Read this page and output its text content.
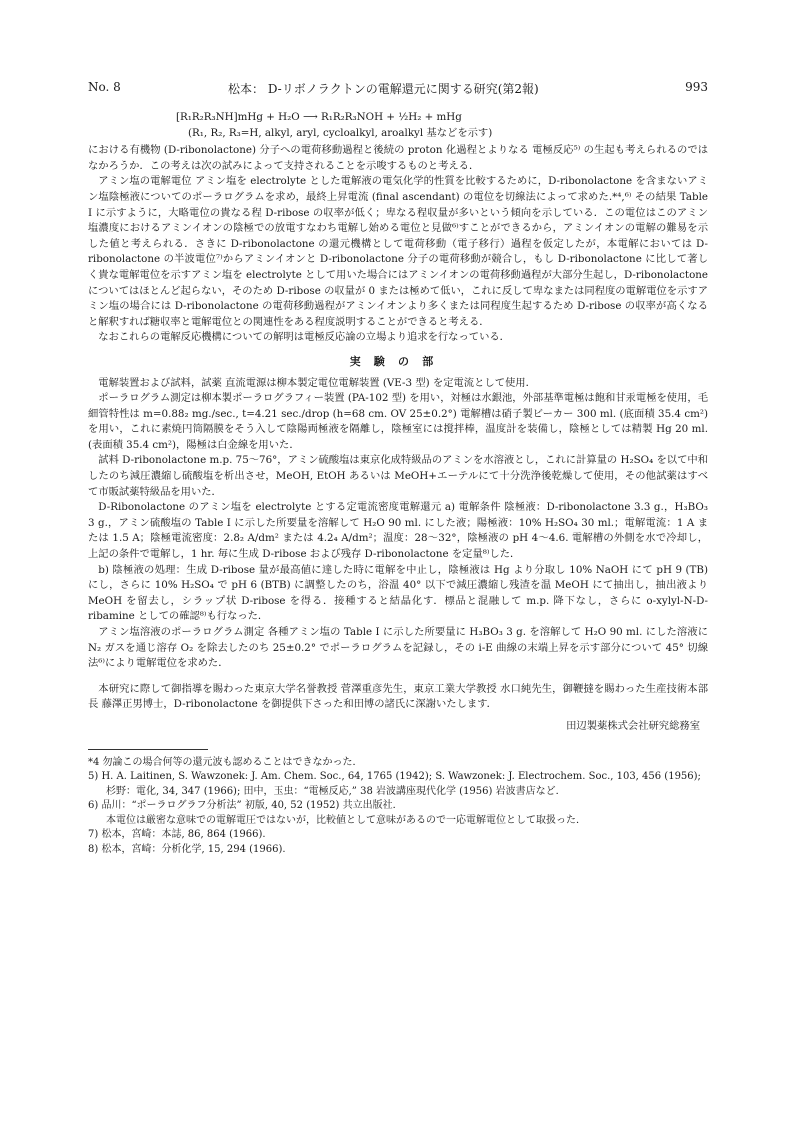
No. 8	松本： D-リボノラクトンの電解還元に関する研究(第2報)	993

[R₁R₂R₃NH]mHg + H₂O ⟶ R₁R₂R₃NOH + ½H₂ + mHg

(R₁, R₂, R₃=H, alkyl, aryl, cycloalkyl, aroalkyl 基などを示す)

における有機物 (D-ribonolactone) 分子への電荷移動過程と後続の proton 化過程とよりなる 電極反応⁵⁾ の生起も考えられるのではなかろうか．この考えは次の試みによって支持されることを示唆するものと考える．

アミン塩の電解電位 アミン塩を electrolyte とした電解液の電気化学的性質を比較するために，D-ribonolactone を含まないアミン塩陰極液についてのポーラログラムを求め，最終上昇電流 (final ascendant) の電位を切線法によって求めた.*⁴,⁶⁾ その結果 Table I に示すように，大略電位の貴なる程 D-ribose の収率が低く；卑なる程収量が多いという傾向を示している．この電位はこのアミン塩濃度におけるアミンイオンの陰極での放電すなわち電解し始める電位と見做⁶⁾すことができるから，アミンイオンの電解の難易を示した値と考えられる．さきに D-ribonolactone の還元機構として電荷移動（電子移行）過程を仮定したが，本電解においては D-ribonolactone の半波電位⁷⁾からアミンイオンと D-ribonolactone 分子の電荷移動が競合し，もし D-ribonolactone に比して著しく貴な電解電位を示すアミン塩を electrolyte として用いた場合にはアミンイオンの電荷移動過程が大部分生起し，D-ribonolactone についてはほとんど起らない，そのため D-ribose の収量が 0 または極めて低い，これに反して卑なまたは同程度の電解電位を示すアミン塩の場合には D-ribonolactone の電荷移動過程がアミンイオンより多くまたは同程度生起するため D-ribose の収率が高くなると解釈すれば糖収率と電解電位との関連性をある程度説明することができると考える．

なおこれらの電解反応機構についての解明は電極反応論の立場より追求を行なっている．

実験の部

電解装置および試料，試薬 直流電源は柳本製定電位電解装置 (VE-3 型) を定電流として使用．

ポーラログラム測定は柳本製ポーラログラフィー装置 (PA-102 型) を用い，対極は水銀池，外部基準電極は飽和甘汞電極を使用，毛細管特性は m=0.88₂ mg./sec., t=4.21 sec./drop (h=68 cm. OV 25±0.2°) 電解槽は硝子製ビーカー 300 ml. (底面積 35.4 cm²) を用い，これに素焼円筒隔膜をそう入して陰陽両極液を隔離し，陰極室には撹拌棒，温度計を装備し，陰極としては精製 Hg 20 ml. (表面積 35.4 cm²)，陽極は白金線を用いた．

試料 D-ribonolactone m.p. 75〜76°，アミン硫酸塩は東京化成特級品のアミンを水溶液とし，これに計算量の H₂SO₄ を以て中和したのち減圧濃縮し硫酸塩を析出させ，MeOH, EtOH あるいは MeOH+エーテルにて十分洗浄後乾燥して使用，その他試薬はすべて市販試薬特級品を用いた．

D-Ribonolactone のアミン塩を electrolyte とする定電流密度電解還元 a) 電解条件 陰極液：D-ribonolactone 3.3 g.，H₃BO₃ 3 g.，アミン硫酸塩の Table I に示した所要量を溶解して H₂O 90 ml. にした液；陽極液：10% H₂SO₄ 30 ml.；電解電流：1 A または 1.5 A；陰極電流密度：2.8₂ A/dm² または 4.2₄ A/dm²；温度：28〜32°，陰極液の pH 4〜4.6. 電解槽の外側を水で冷却し，上記の条件で電解し，1 hr. 毎に生成 D-ribose および残存 D-ribonolactone を定量⁸⁾した．

b) 陰極液の処理：生成 D-ribose 量が最高値に達した時に電解を中止し，陰極液は Hg より分取し 10% NaOH にて pH 9 (TB) にし，さらに 10% H₂SO₄ で pH 6 (BTB) に調整したのち，浴温 40° 以下で減圧濃縮し残渣を温 MeOH にて抽出し，抽出液より MeOH を留去し，シラップ状 D-ribose を得る．接種すると結晶化す．標品と混融して m.p. 降下なし，さらに o-xylyl-N-D-ribamine としての確認⁸⁾も行なった．

アミン塩溶液のポーラログラム測定 各種アミン塩の Table I に示した所要量に H₃BO₃ 3 g. を溶解して H₂O 90 ml. にした溶液に N₂ ガスを通じ溶存 O₂ を除去したのち 25±0.2° でポーラログラムを記録し，その i-E 曲線の末端上昇を示す部分について 45° 切線法⁶⁾により電解電位を求めた．

本研究に際して御指導を賜わった東京大学名誉教授 菅澤重彦先生，東京工業大学教授 水口純先生，御鞭撻を賜わった生産技術本部長 藤澤正男博士，D-ribonolactone を御提供下さった和田博の諸氏に深謝いたします．

田辺製薬株式会社研究総務室

*4 勿論この場合何等の還元波も認めることはできなかった．

5) H. A. Laitinen, S. Wawzonek: J. Am. Chem. Soc., 64, 1765 (1942); S. Wawzonek: J. Electrochem. Soc., 103, 456 (1956); 杉野：電化, 34, 347 (1966); 田中，玉虫：“電極反応,” 38 岩波講座現代化学 (1956) 岩波書店など．

6) 品川：“ポーラログラフ分析法” 初版, 40, 52 (1952) 共立出版社．

本電位は厳密な意味での電解電圧ではないが，比較値として意味があるので一応電解電位として取扱った．

7) 松本，宮崎：本誌, 86, 864 (1966).

8) 松本，宮崎：分析化学, 15, 294 (1966).
